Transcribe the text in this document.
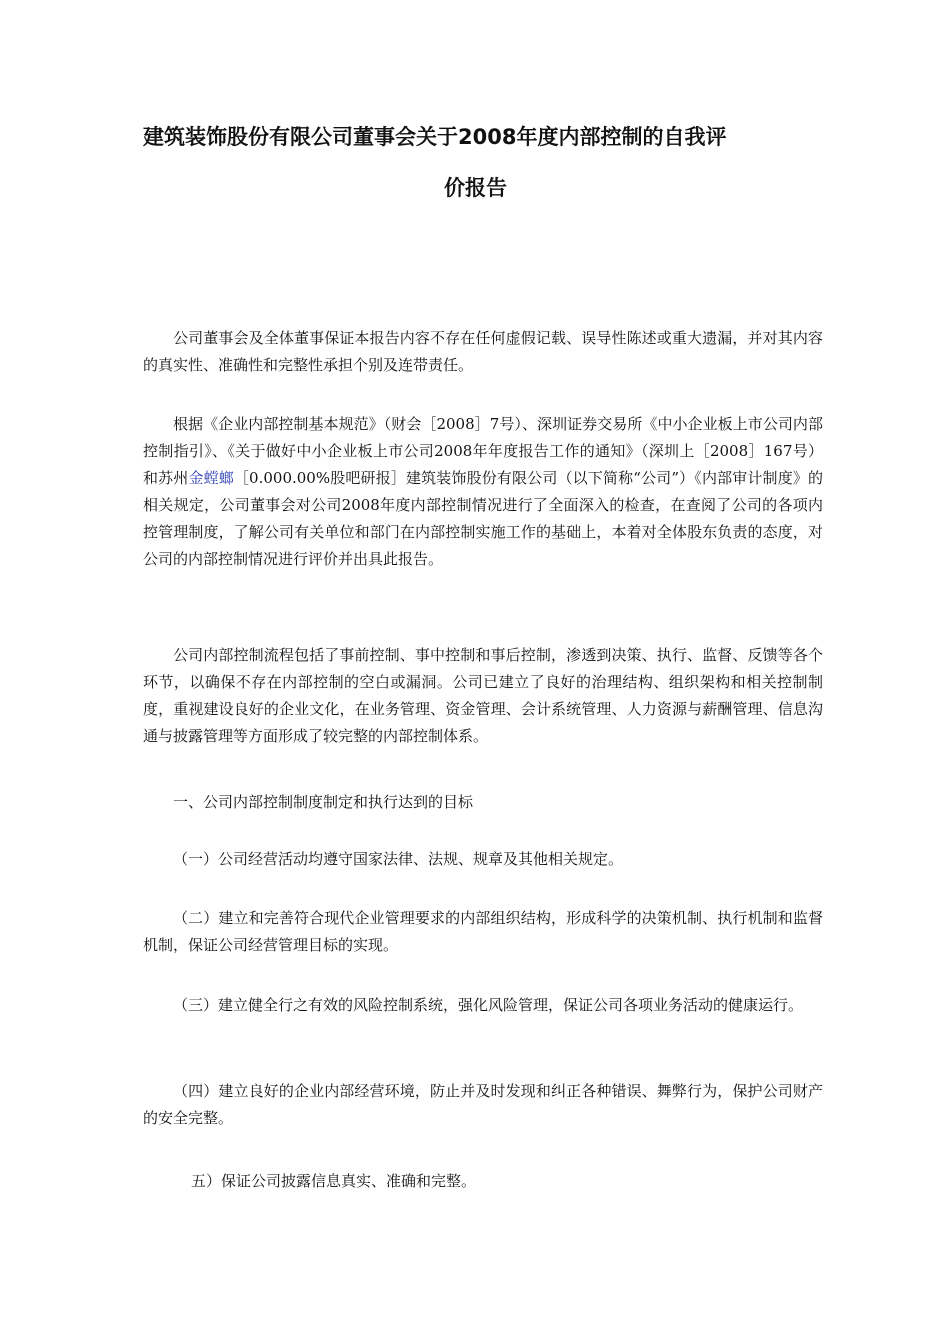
建筑装饰股份有限公司董事会关于2008年度内部控制的自我评
价报告

公司董事会及全体董事保证本报告内容不存在任何虚假记载、误导性陈述或重大遗漏，并对其内容的真实性、准确性和完整性承担个别及连带责任。

根据《企业内部控制基本规范》（财会［2008］7号）、深圳证券交易所《中小企业板上市公司内部控制指引》、《关于做好中小企业板上市公司2008年年度报告工作的通知》（深圳上［2008］167号）和苏州金螳螂［0.000.00%股吧研报］建筑装饰股份有限公司（以下简称“公司”）《内部审计制度》的相关规定，公司董事会对公司2008年度内部控制情况进行了全面深入的检查，在查阅了公司的各项内控管理制度，了解公司有关单位和部门在内部控制实施工作的基础上，本着对全体股东负责的态度，对公司的内部控制情况进行评价并出具此报告。

公司内部控制流程包括了事前控制、事中控制和事后控制，渗透到决策、执行、监督、反馈等各个环节，以确保不存在内部控制的空白或漏洞。公司已建立了良好的治理结构、组织架构和相关控制制度，重视建设良好的企业文化，在业务管理、资金管理、会计系统管理、人力资源与薪酬管理、信息沟通与披露管理等方面形成了较完整的内部控制体系。

一、公司内部控制制度制定和执行达到的目标

（一）公司经营活动均遵守国家法律、法规、规章及其他相关规定。

（二）建立和完善符合现代企业管理要求的内部组织结构，形成科学的决策机制、执行机制和监督机制，保证公司经营管理目标的实现。

（三）建立健全行之有效的风险控制系统，强化风险管理，保证公司各项业务活动的健康运行。

（四）建立良好的企业内部经营环境，防止并及时发现和纠正各种错误、舞弊行为，保护公司财产的安全完整。

五）保证公司披露信息真实、准确和完整。
